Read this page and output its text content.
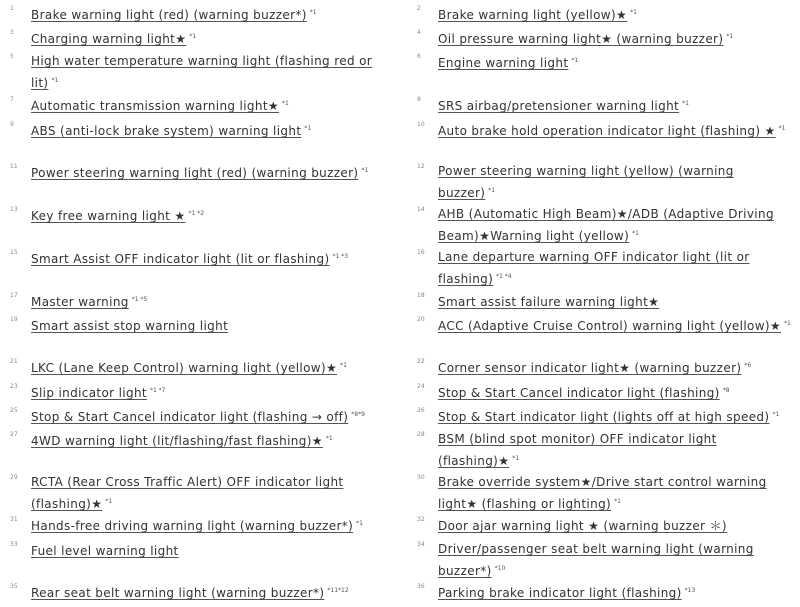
1 Brake warning light (red) (warning buzzer*) $^{*1}$
2 Brake warning light (yellow)★ $^{*1}$
3 Charging warning light★ $^{*1}$
4 Oil pressure warning light★ (warning buzzer) $^{*1}$
5 High water temperature warning light (flashing red or lit) $^{*1}$
6 Engine warning light $^{*1}$
7 Automatic transmission warning light★ $^{*1}$
8 SRS airbag/pretensioner warning light $^{*1}$
9 ABS (anti-lock brake system) warning light $^{*1}$
10 Auto brake hold operation indicator light (flashing) ★ $^{*1}$
11 Power steering warning light (red) (warning buzzer) $^{*1}$
12 Power steering warning light (yellow) (warning buzzer) $^{*1}$
13 Key free warning light ★ $^{*1 *2}$
14 AHB (Automatic High Beam)★/ADB (Adaptive Driving Beam)★Warning light (yellow) $^{*1}$
15 Smart Assist OFF indicator light (lit or flashing) $^{*1 *3}$
16 Lane departure warning OFF indicator light (lit or flashing) $^{*1 *4}$
17 Master warning $^{*1 *5}$
18 Smart assist failure warning light★
19 Smart assist stop warning light	20 ACC (Adaptive Cruise Control) warning light (yellow)★ $^{*1}$
21 LKC (Lane Keep Control) warning light (yellow)★ $^{*1}$
22 Corner sensor indicator light★ (warning buzzer) $^{*6}$
23 Slip indicator light $^{*1 *7}$
24 Stop & Start Cancel indicator light (flashing) $^{*8}$
25 Stop & Start Cancel indicator light (flashing → off) $^{*8*9}$
26 Stop & Start indicator light (lights off at high speed) $^{*1}$
27 4WD warning light (lit/flashing/fast flashing)★ $^{*1}$
28 BSM (blind spot monitor) OFF indicator light (flashing)★ $^{*1}$
29 RCTA (Rear Cross Traffic Alert) OFF indicator light (flashing)★ $^{*1}$
30 Brake override system★/Drive start control warning light★ (flashing or lighting) $^{*1}$
31 Hands-free driving warning light (warning buzzer*) $^{*1}$
32 Door ajar warning light ★ (warning buzzer ＊)
33 Fuel level warning light	34 Driver/passenger seat belt warning light (warning buzzer*) $^{*10}$
35 Rear seat belt warning light (warning buzzer*) $^{*11*12}$
36 Parking brake indicator light (flashing) $^{*13}$
